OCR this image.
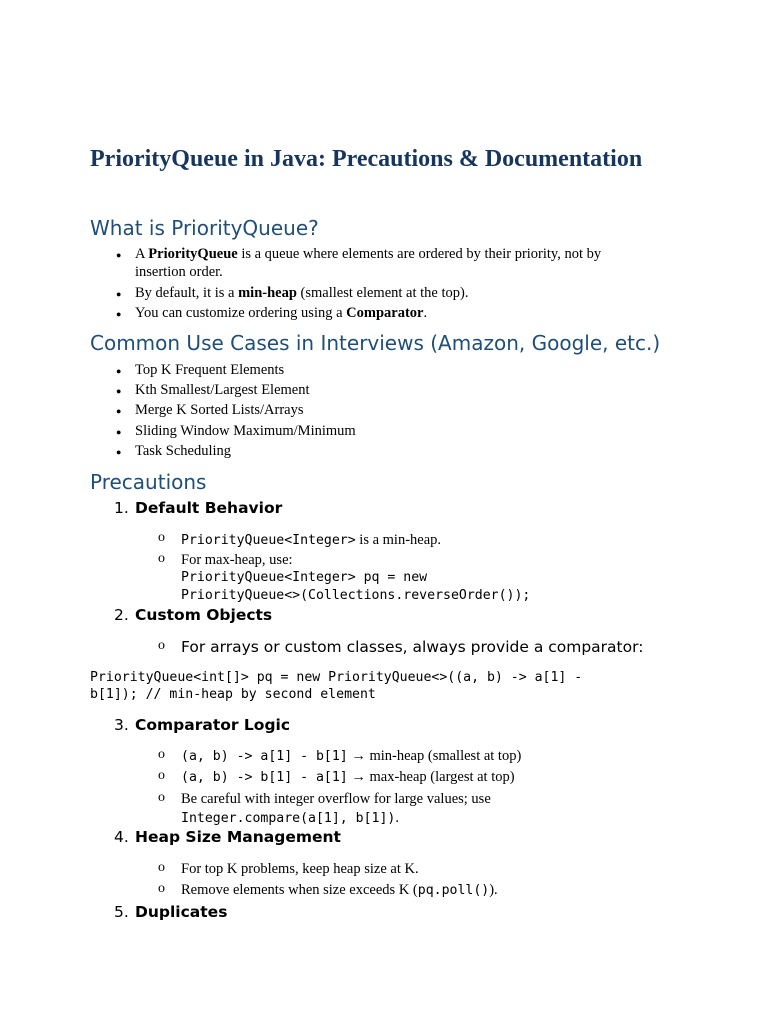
PriorityQueue in Java: Precautions & Documentation
What is PriorityQueue?
● A PriorityQueue is a queue where elements are ordered by their priority, not by
insertion order.
● By default, it is a min-heap (smallest element at the top).
● You can customize ordering using a Comparator.
Common Use Cases in Interviews (Amazon, Google, etc.)
● Top K Frequent Elements
● Kth Smallest/Largest Element
● Merge K Sorted Lists/Arrays
● Sliding Window Maximum/Minimum
● Task Scheduling
Precautions
1. Default Behavior
o PriorityQueue<Integer> is a min-heap.
o For max-heap, use:
PriorityQueue<Integer> pq = new
PriorityQueue<>(Collections.reverseOrder());
2. Custom Objects
o For arrays or custom classes, always provide a comparator:
PriorityQueue<int[]> pq = new PriorityQueue<>((a, b) -> a[1] -
b[1]); // min-heap by second element
3. Comparator Logic
o (a, b) -> a[1] - b[1] → min-heap (smallest at top)
o (a, b) -> b[1] - a[1] → max-heap (largest at top)
o Be careful with integer overflow for large values; use
Integer.compare(a[1], b[1]).
4. Heap Size Management
o For top K problems, keep heap size at K.
o Remove elements when size exceeds K (pq.poll()).
5. Duplicates
